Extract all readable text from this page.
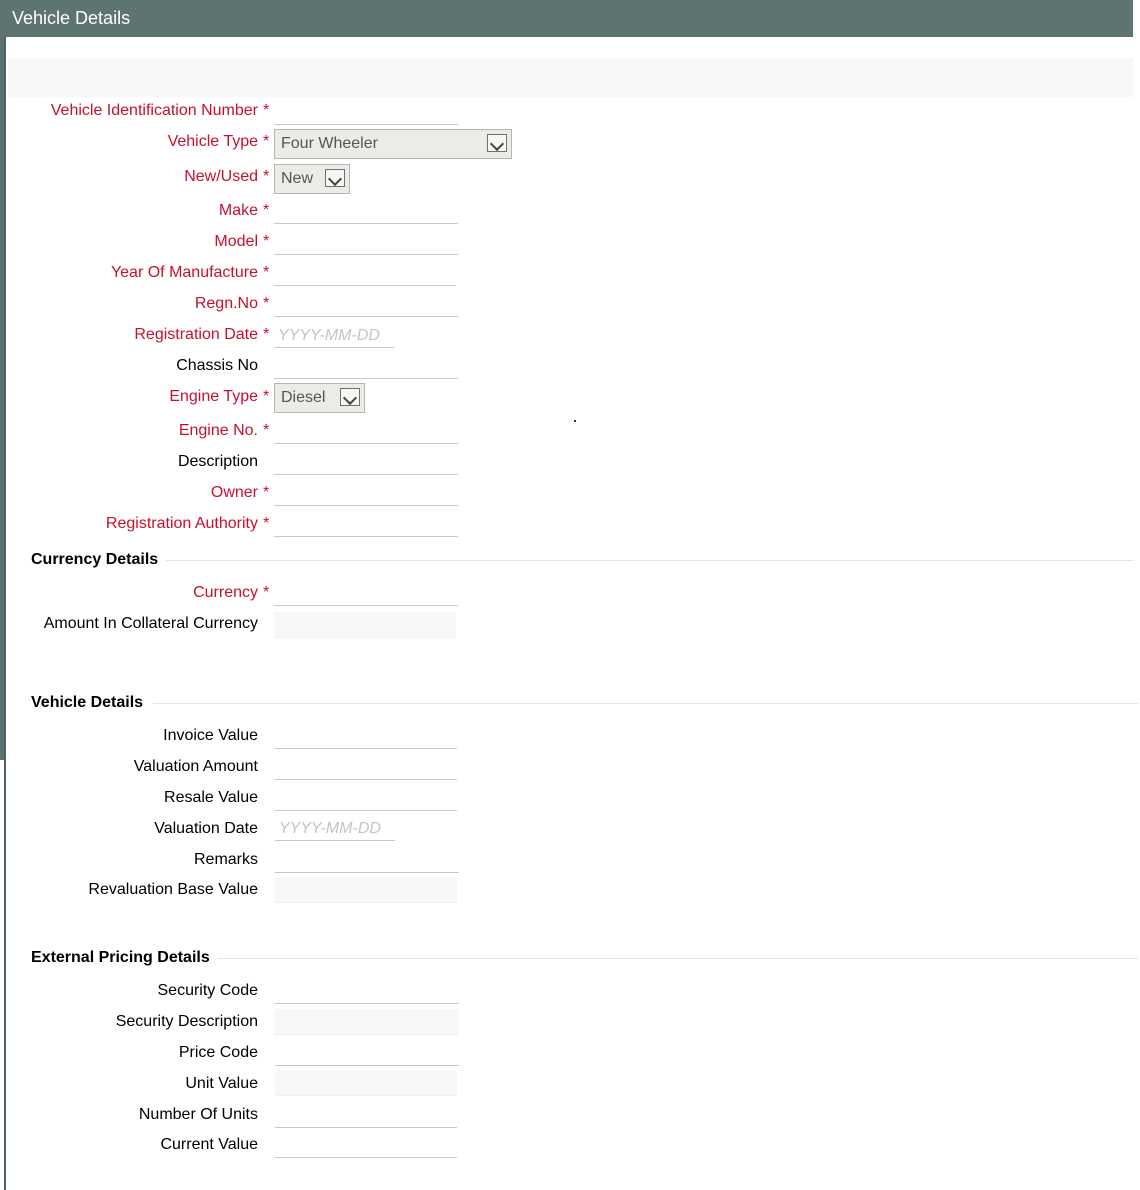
Vehicle Details
Vehicle Identification Number *
Vehicle Type * Four Wheeler
New/Used * New
Make *
Model *
Year Of Manufacture *
Regn.No *
Registration Date *
YYYY-MM-DD
Chassis No
Engine Type * Diesel
Engine No. *
Description
Owner *
Registration Authority *
Currency Details
Currency *
Amount In Collateral Currency
Vehicle Details
Invoice Value
Valuation Amount
Resale Value
Valuation Date
YYYY-MM-DD
Remarks
Revaluation Base Value
External Pricing Details
Security Code
Security Description
Price Code
Unit Value
Number Of Units
Current Value
